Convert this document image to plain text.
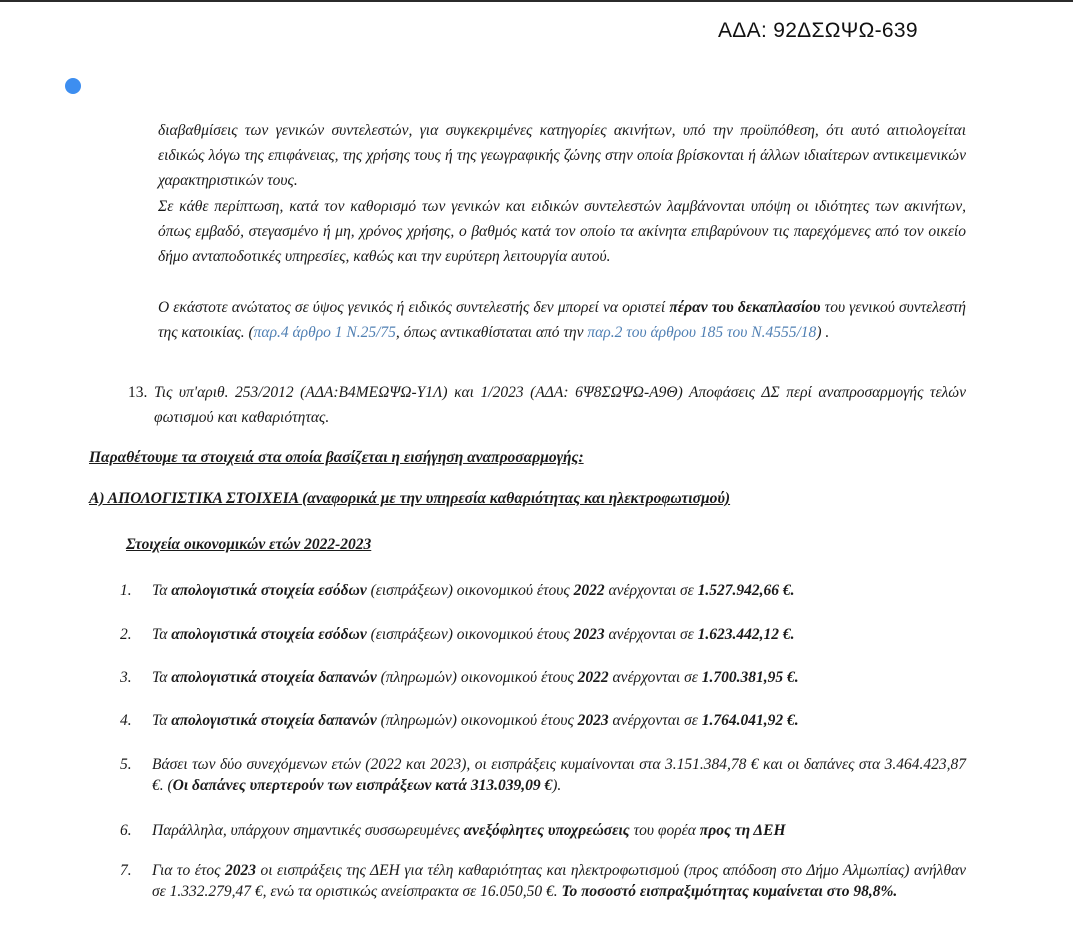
ΑΔΑ: 92ΔΣΩΨΩ-639
διαβαθμίσεις των γενικών συντελεστών, για συγκεκριμένες κατηγορίες ακινήτων, υπό την προϋπόθεση, ότι αυτό αιτιολογείται ειδικώς λόγω της επιφάνειας, της χρήσης τους ή της γεωγραφικής ζώνης στην οποία βρίσκονται ή άλλων ιδιαίτερων αντικειμενικών χαρακτηριστικών τους.
Σε κάθε περίπτωση, κατά τον καθορισμό των γενικών και ειδικών συντελεστών λαμβάνονται υπόψη οι ιδιότητες των ακινήτων, όπως εμβαδό, στεγασμένο ή μη, χρόνος χρήσης, ο βαθμός κατά τον οποίο τα ακίνητα επιβαρύνουν τις παρεχόμενες από τον οικείο δήμο ανταποδοτικές υπηρεσίες, καθώς και την ευρύτερη λειτουργία αυτού.
Ο εκάστοτε ανώτατος σε ύψος γενικός ή ειδικός συντελεστής δεν μπορεί να οριστεί πέραν του δεκαπλασίου του γενικού συντελεστή της κατοικίας. (παρ.4 άρθρο 1 Ν.25/75, όπως αντικαθίσταται από την παρ.2 του άρθρου 185 του Ν.4555/18) .
13. Τις υπ'αριθ. 253/2012 (ΑΔΑ:Β4ΜΕΩΨΩ-Υ1Λ) και 1/2023 (ΑΔΑ: 6Ψ8ΣΩΨΩ-Α9Θ) Αποφάσεις ΔΣ περί αναπροσαρμογής τελών φωτισμού και καθαριότητας.
Παραθέτουμε τα στοιχειά στα οποία βασίζεται η εισήγηση αναπροσαρμογής:
Α) ΑΠΟΛΟΓΙΣΤΙΚΑ ΣΤΟΙΧΕΙΑ (αναφορικά με την υπηρεσία καθαριότητας και ηλεκτροφωτισμού)
Στοιχεία οικονομικών ετών 2022-2023
1.	Τα απολογιστικά στοιχεία εσόδων (εισπράξεων) οικονομικού έτους 2022 ανέρχονται σε 1.527.942,66 €.
2.	Τα απολογιστικά στοιχεία εσόδων (εισπράξεων) οικονομικού έτους 2023 ανέρχονται σε 1.623.442,12 €.
3.	Τα απολογιστικά στοιχεία δαπανών (πληρωμών) οικονομικού έτους 2022 ανέρχονται σε 1.700.381,95 €.
4.	Τα απολογιστικά στοιχεία δαπανών (πληρωμών) οικονομικού έτους 2023 ανέρχονται σε 1.764.041,92 €.
5.	Βάσει των δύο συνεχόμενων ετών (2022 και 2023), οι εισπράξεις κυμαίνονται στα 3.151.384,78 € και οι δαπάνες στα 3.464.423,87 €. (Οι δαπάνες υπερτερούν των εισπράξεων κατά 313.039,09 €).
6.	Παράλληλα, υπάρχουν σημαντικές συσσωρευμένες ανεξόφλητες υποχρεώσεις του φορέα προς τη ΔΕΗ
7.	Για το έτος 2023 οι εισπράξεις της ΔΕΗ για τέλη καθαριότητας και ηλεκτροφωτισμού (προς απόδοση στο Δήμο Αλμωπίας) ανήλθαν σε 1.332.279,47 €, ενώ τα οριστικώς ανείσπρακτα σε 16.050,50 €. Το ποσοστό εισπραξιμότητας κυμαίνεται στο 98,8%.
